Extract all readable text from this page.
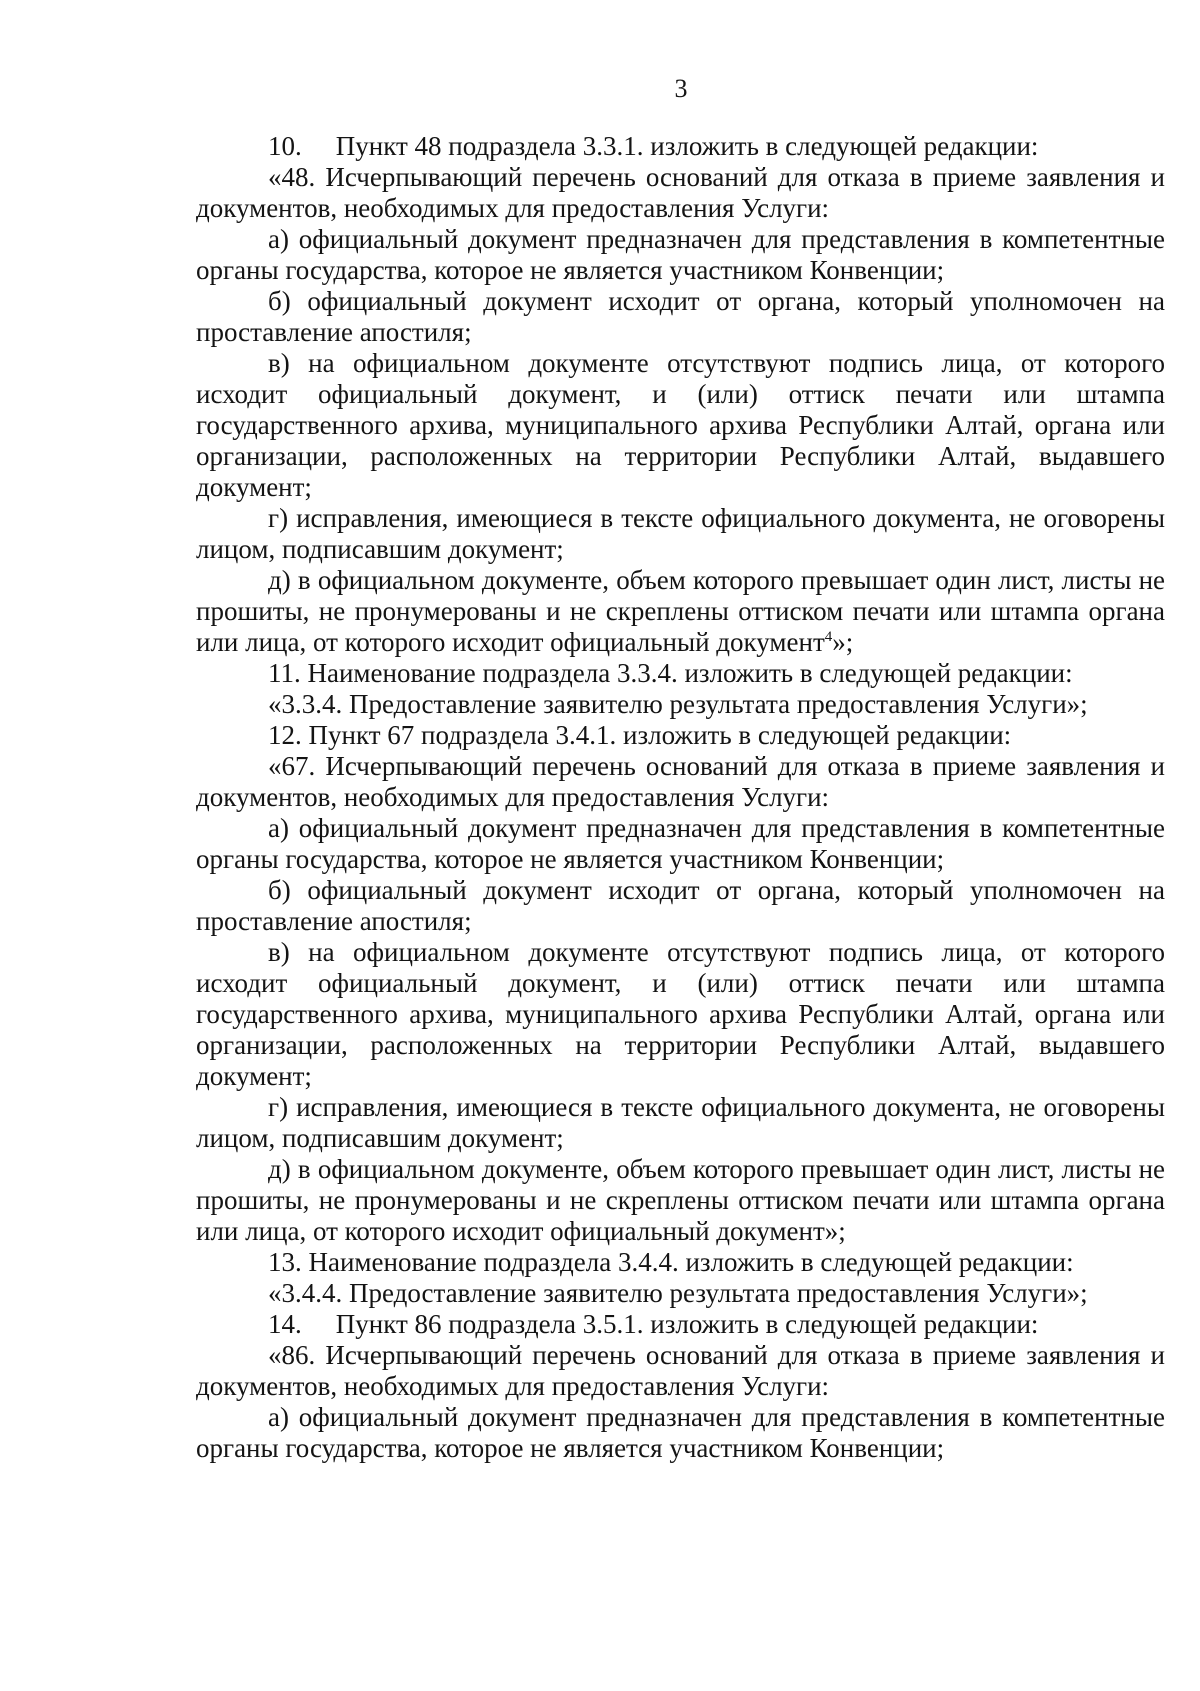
3

10. Пункт 48 подраздела 3.3.1. изложить в следующей редакции:

«48. Исчерпывающий перечень оснований для отказа в приеме заявления и документов, необходимых для предоставления Услуги:

а) официальный документ предназначен для представления в компетентные органы государства, которое не является участником Конвенции;

б) официальный документ исходит от органа, который уполномочен на проставление апостиля;

в) на официальном документе отсутствуют подпись лица, от которого исходит официальный документ, и (или) оттиск печати или штампа государственного архива, муниципального архива Республики Алтай, органа или организации, расположенных на территории Республики Алтай, выдавшего документ;

г) исправления, имеющиеся в тексте официального документа, не оговорены лицом, подписавшим документ;

д) в официальном документе, объем которого превышает один лист, листы не прошиты, не пронумерованы и не скреплены оттиском печати или штампа органа или лица, от которого исходит официальный документ$^4$»;

11. Наименование подраздела 3.3.4. изложить в следующей редакции:

«3.3.4. Предоставление заявителю результата предоставления Услуги»;

12. Пункт 67 подраздела 3.4.1. изложить в следующей редакции:

«67. Исчерпывающий перечень оснований для отказа в приеме заявления и документов, необходимых для предоставления Услуги:

а) официальный документ предназначен для представления в компетентные органы государства, которое не является участником Конвенции;

б) официальный документ исходит от органа, который уполномочен на проставление апостиля;

в) на официальном документе отсутствуют подпись лица, от которого исходит официальный документ, и (или) оттиск печати или штампа государственного архива, муниципального архива Республики Алтай, органа или организации, расположенных на территории Республики Алтай, выдавшего документ;

г) исправления, имеющиеся в тексте официального документа, не оговорены лицом, подписавшим документ;

д) в официальном документе, объем которого превышает один лист, листы не прошиты, не пронумерованы и не скреплены оттиском печати или штампа органа или лица, от которого исходит официальный документ»;

13. Наименование подраздела 3.4.4. изложить в следующей редакции:

«3.4.4. Предоставление заявителю результата предоставления Услуги»;

14. Пункт 86 подраздела 3.5.1. изложить в следующей редакции:

«86. Исчерпывающий перечень оснований для отказа в приеме заявления и документов, необходимых для предоставления Услуги:

а) официальный документ предназначен для представления в компетентные органы государства, которое не является участником Конвенции;
